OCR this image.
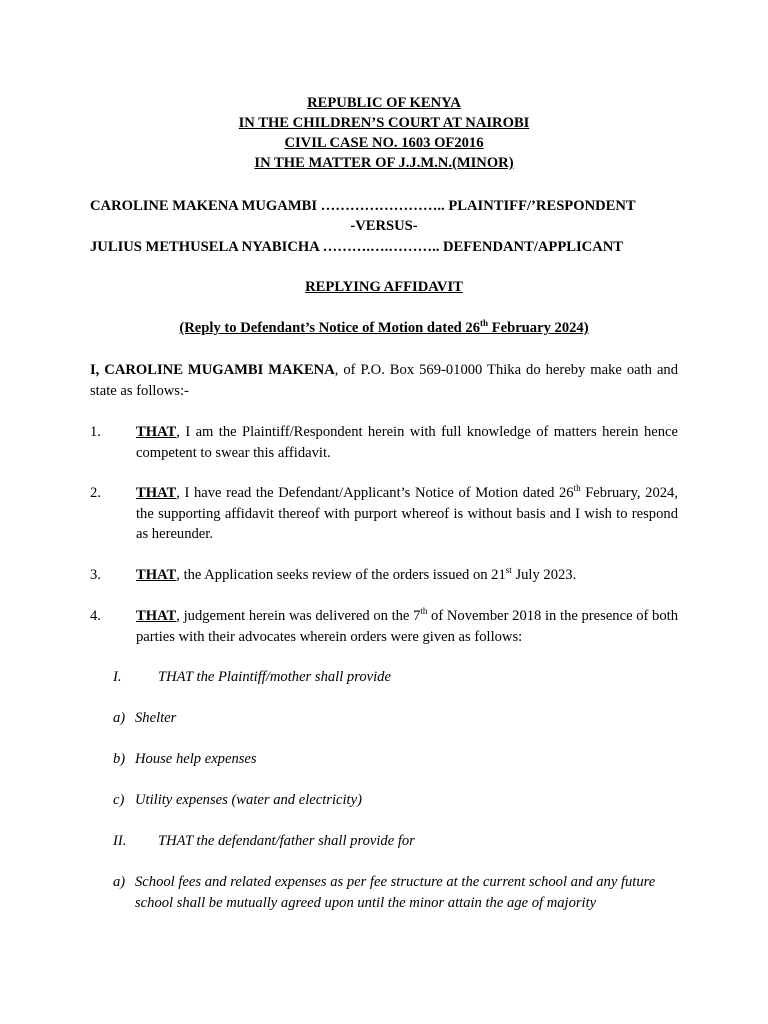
REPUBLIC OF KENYA
IN THE CHILDREN’S COURT AT NAIROBI
CIVIL CASE NO. 1603 OF2016
IN THE MATTER OF J.J.M.N.(MINOR)
CAROLINE MAKENA MUGAMBI …………………….. PLAINTIFF/’RESPONDENT
-VERSUS-
JULIUS METHUSELA NYABICHA ……….….……….. DEFENDANT/APPLICANT
REPLYING AFFIDAVIT
(Reply to Defendant’s Notice of Motion dated 26th February 2024)
I, CAROLINE MUGAMBI MAKENA, of P.O. Box 569-01000 Thika do hereby make oath and state as follows:-
1. THAT, I am the Plaintiff/Respondent herein with full knowledge of matters herein hence competent to swear this affidavit.
2. THAT, I have read the Defendant/Applicant’s Notice of Motion dated 26th February, 2024, the supporting affidavit thereof with purport whereof is without basis and I wish to respond as hereunder.
3. THAT, the Application seeks review of the orders issued on 21st July 2023.
4. THAT, judgement herein was delivered on the 7th of November 2018 in the presence of both parties with their advocates wherein orders were given as follows:
I. THAT the Plaintiff/mother shall provide
a) Shelter
b) House help expenses
c) Utility expenses (water and electricity)
II. THAT the defendant/father shall provide for
a) School fees and related expenses as per fee structure at the current school and any future school shall be mutually agreed upon until the minor attain the age of majority
